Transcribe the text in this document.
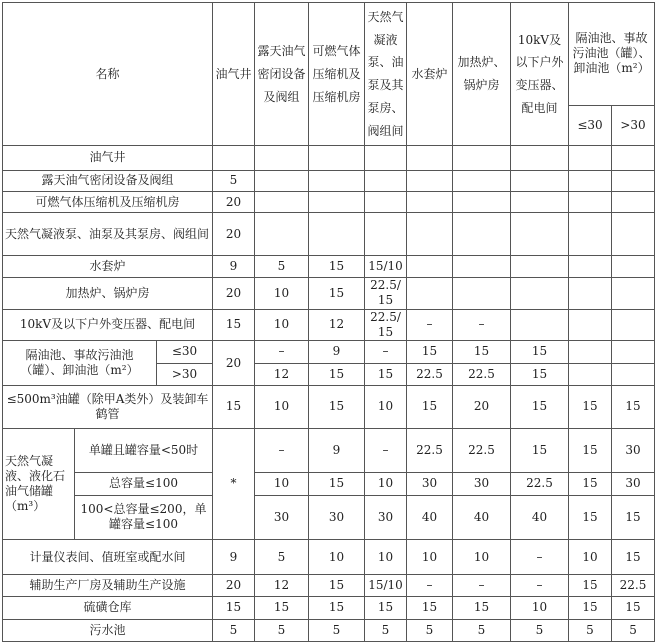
名称			油气井	露天油气密闭设备及阀组	可燃气体压缩机及压缩机房	天然气凝液泵、油泵及其泵房、阀组间	水套炉	加热炉、锅炉房	10kV及以下户外变压器、配电间	隔油池、事故污油池（罐）、卸油池（m²）	
										≤30	>30
油气井											
露天油气密闭设备及阀组			5								
可燃气体压缩机及压缩机房			20								
天然气凝液泵、油泵及其泵房、阀组间			20								
水套炉			9	5	15	15/10					
加热炉、锅炉房			20	10	15	22.5/15					
10kV及以下户外变压器、配电间			15	10	12	22.5/15	–	–			
隔油池、事故污油池（罐）、卸油池（m²）		≤30	20	–	9	–	15	15	15		
		>30		12	15	15	22.5	22.5	15		
≤500m³油罐（除甲A类外）及装卸车鹤管			15	10	15	10	15	20	15	15	15
天然气凝液、液化石油气储罐（m³）	单罐且罐容量<50时		*	–	9	–	22.5	22.5	15	15	30
	总容量≤100			10	15	10	30	30	22.5	15	30
	100<总容量≤200，单罐容量≤100			30	30	30	40	40	40	15	15
计量仪表间、值班室或配水间			9	5	10	10	10	10	–	10	15
辅助生产厂房及辅助生产设施			20	12	15	15/10	–	–	–	15	22.5
硫磺仓库			15	15	15	15	15	15	10	15	15
污水池			5	5	5	5	5	5	5	5	5
